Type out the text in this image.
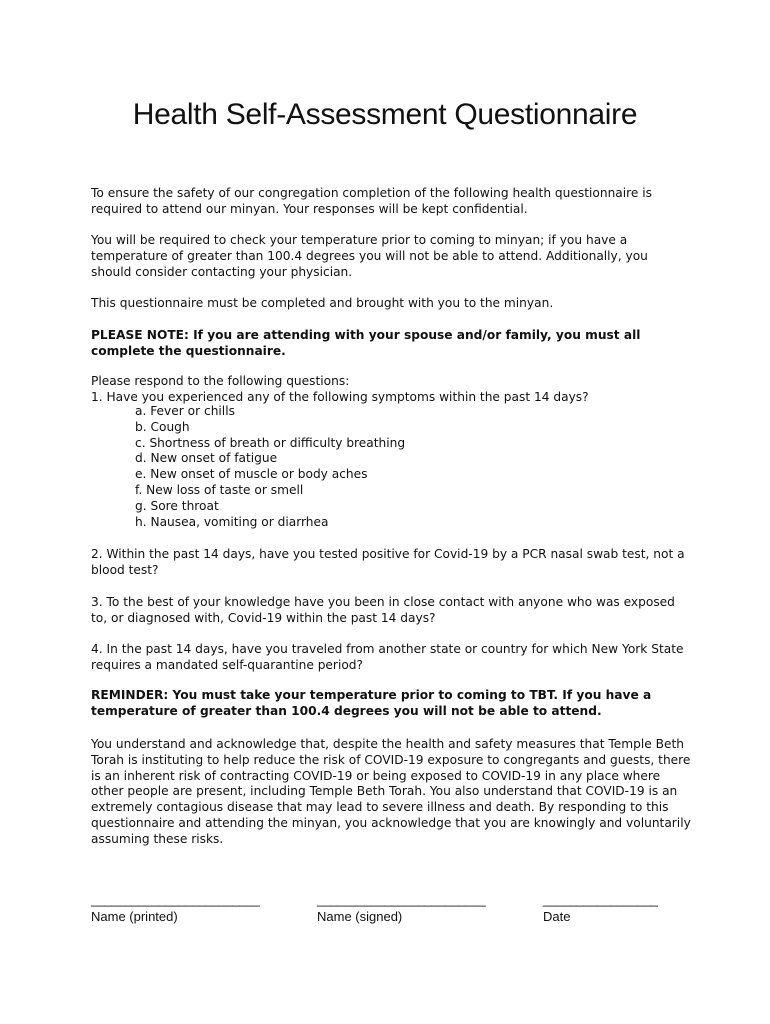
Health Self-Assessment Questionnaire

To ensure the safety of our congregation completion of the following health questionnaire is required to attend our minyan. Your responses will be kept confidential.

You will be required to check your temperature prior to coming to minyan; if you have a temperature of greater than 100.4 degrees you will not be able to attend. Additionally, you should consider contacting your physician.

This questionnaire must be completed and brought with you to the minyan.

PLEASE NOTE: If you are attending with your spouse and/or family, you must all complete the questionnaire.

Please respond to the following questions:

1. Have you experienced any of the following symptoms within the past 14 days?

a. Fever or chills
b. Cough
c. Shortness of breath or difficulty breathing
d. New onset of fatigue
e. New onset of muscle or body aches
f. New loss of taste or smell
g. Sore throat
h. Nausea, vomiting or diarrhea

2. Within the past 14 days, have you tested positive for Covid-19 by a PCR nasal swab test, not a blood test?

3. To the best of your knowledge have you been in close contact with anyone who was exposed to, or diagnosed with, Covid-19 within the past 14 days?

4. In the past 14 days, have you traveled from another state or country for which New York State requires a mandated self-quarantine period?

REMINDER: You must take your temperature prior to coming to TBT. If you have a temperature of greater than 100.4 degrees you will not be able to attend.

You understand and acknowledge that, despite the health and safety measures that Temple Beth Torah is instituting to help reduce the risk of COVID-19 exposure to congregants and guests, there is an inherent risk of contracting COVID-19 or being exposed to COVID-19 in any place where other people are present, including Temple Beth Torah. You also understand that COVID-19 is an extremely contagious disease that may lead to severe illness and death. By responding to this questionnaire and attending the minyan, you acknowledge that you are knowingly and voluntarily assuming these risks.

_________________________
Name (printed)
_________________________
Name (signed)
_________________
Date
